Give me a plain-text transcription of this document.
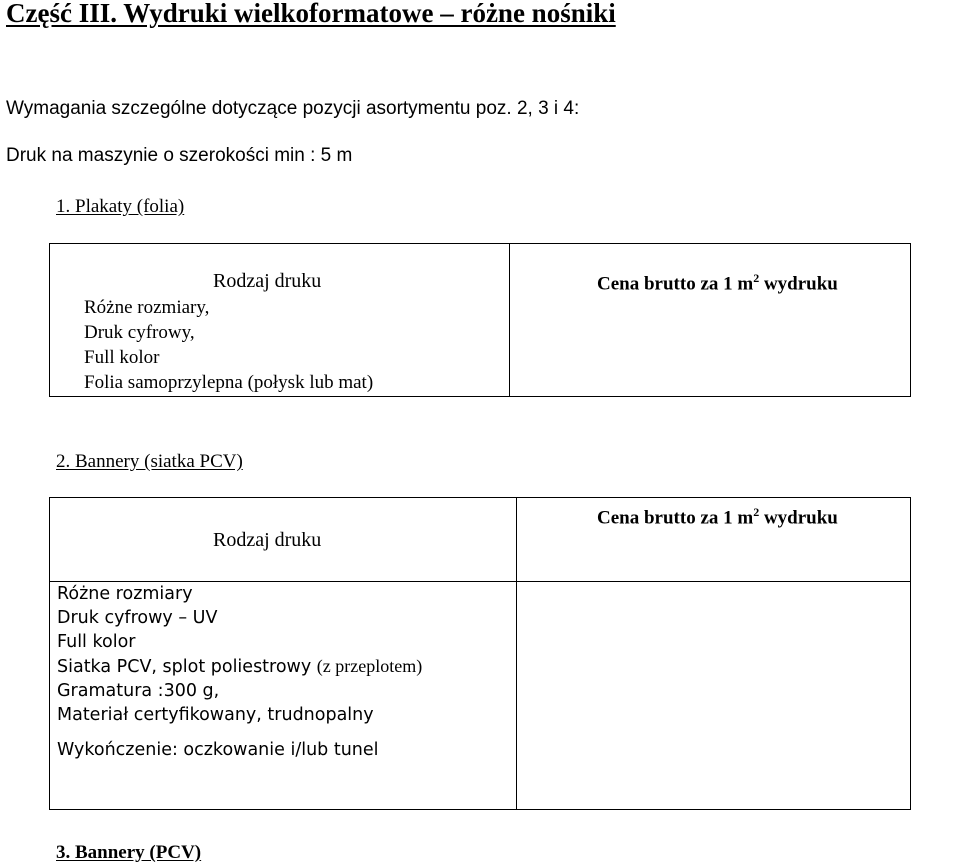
Część III. Wydruki wielkoformatowe – różne nośniki
Wymagania szczególne dotyczące pozycji asortymentu poz. 2, 3 i 4:
Druk na maszynie o szerokości min : 5 m
1. Plakaty (folia)
Rodzaj druku
Różne rozmiary,
Druk cyfrowy,
Full kolor
Folia samoprzylepna (połysk lub mat)
Cena brutto za 1 $m^2$ wydruku
2. Bannery (siatka PCV)
Rodzaj druku
Cena brutto za 1 $m^2$ wydruku
Różne rozmiary
Druk cyfrowy – UV
Full kolor
Siatka PCV, splot poliestrowy (z przeplotem)
Gramatura :300 g,
Materiał certyfikowany, trudnopalny
Wykończenie: oczkowanie i/lub tunel
3. Bannery (PCV)
